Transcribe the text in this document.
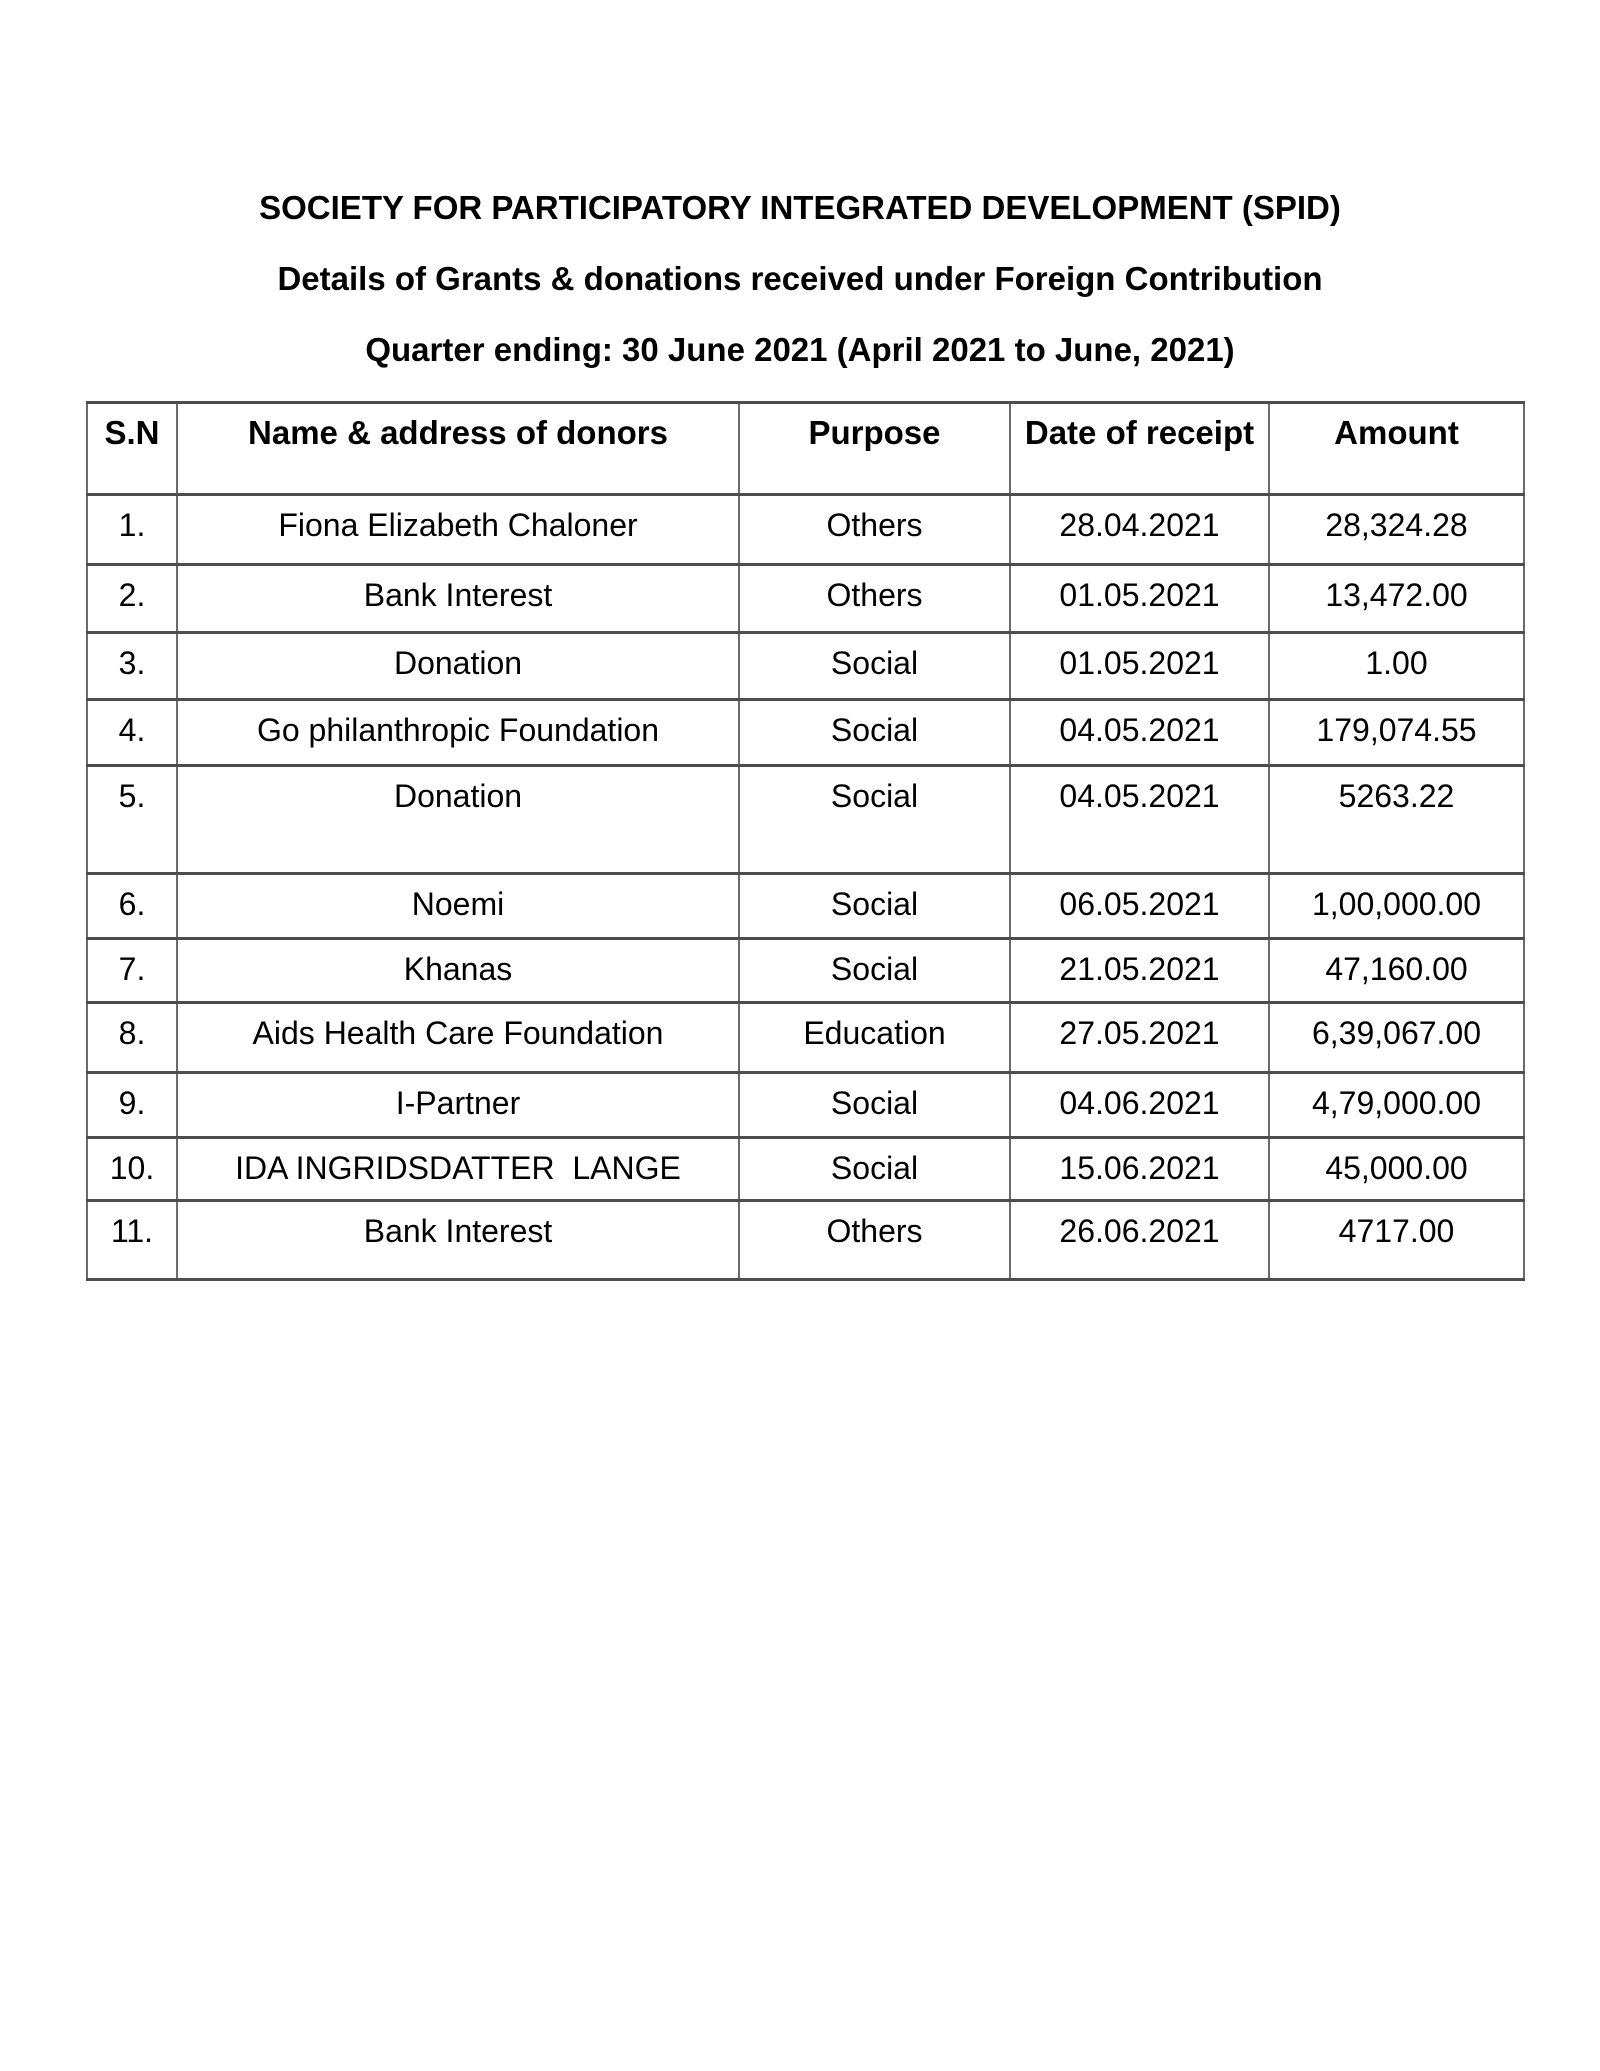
SOCIETY FOR PARTICIPATORY INTEGRATED DEVELOPMENT (SPID)

Details of Grants & donations received under Foreign Contribution

Quarter ending: 30 June 2021 (April 2021 to June, 2021)

S.N	Name & address of donors	Purpose	Date of receipt	Amount
1.	Fiona Elizabeth Chaloner	Others	28.04.2021	28,324.28
2.	Bank Interest	Others	01.05.2021	13,472.00
3.	Donation	Social	01.05.2021	1.00
4.	Go philanthropic Foundation	Social	04.05.2021	179,074.55
5.	Donation	Social	04.05.2021	5263.22
6.	Noemi	Social	06.05.2021	1,00,000.00
7.	Khanas	Social	21.05.2021	47,160.00
8.	Aids Health Care Foundation	Education	27.05.2021	6,39,067.00
9.	I-Partner	Social	04.06.2021	4,79,000.00
10.	IDA INGRIDSDATTER  LANGE	Social	15.06.2021	45,000.00
11.	Bank Interest	Others	26.06.2021	4717.00
